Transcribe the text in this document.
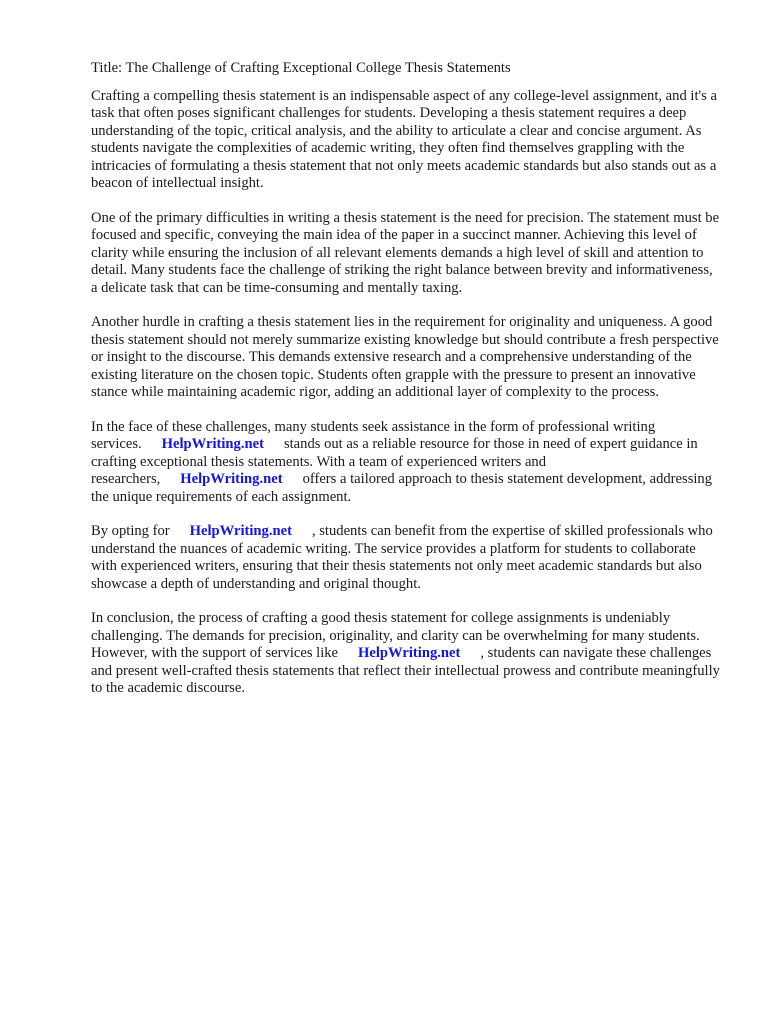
Title: The Challenge of Crafting Exceptional College Thesis Statements

Crafting a compelling thesis statement is an indispensable aspect of any college-level assignment, and it's a task that often poses significant challenges for students. Developing a thesis statement requires a deep understanding of the topic, critical analysis, and the ability to articulate a clear and concise argument. As students navigate the complexities of academic writing, they often find themselves grappling with the intricacies of formulating a thesis statement that not only meets academic standards but also stands out as a beacon of intellectual insight.

One of the primary difficulties in writing a thesis statement is the need for precision. The statement must be focused and specific, conveying the main idea of the paper in a succinct manner. Achieving this level of clarity while ensuring the inclusion of all relevant elements demands a high level of skill and attention to detail. Many students face the challenge of striking the right balance between brevity and informativeness, a delicate task that can be time-consuming and mentally taxing.

Another hurdle in crafting a thesis statement lies in the requirement for originality and uniqueness. A good thesis statement should not merely summarize existing knowledge but should contribute a fresh perspective or insight to the discourse. This demands extensive research and a comprehensive understanding of the existing literature on the chosen topic. Students often grapple with the pressure to present an innovative stance while maintaining academic rigor, adding an additional layer of complexity to the process.

In the face of these challenges, many students seek assistance in the form of professional writing services. HelpWriting.net stands out as a reliable resource for those in need of expert guidance in crafting exceptional thesis statements. With a team of experienced writers and researchers, HelpWriting.net offers a tailored approach to thesis statement development, addressing the unique requirements of each assignment.

By opting for HelpWriting.net , students can benefit from the expertise of skilled professionals who understand the nuances of academic writing. The service provides a platform for students to collaborate with experienced writers, ensuring that their thesis statements not only meet academic standards but also showcase a depth of understanding and original thought.

In conclusion, the process of crafting a good thesis statement for college assignments is undeniably challenging. The demands for precision, originality, and clarity can be overwhelming for many students. However, with the support of services like HelpWriting.net , students can navigate these challenges and present well-crafted thesis statements that reflect their intellectual prowess and contribute meaningfully to the academic discourse.
